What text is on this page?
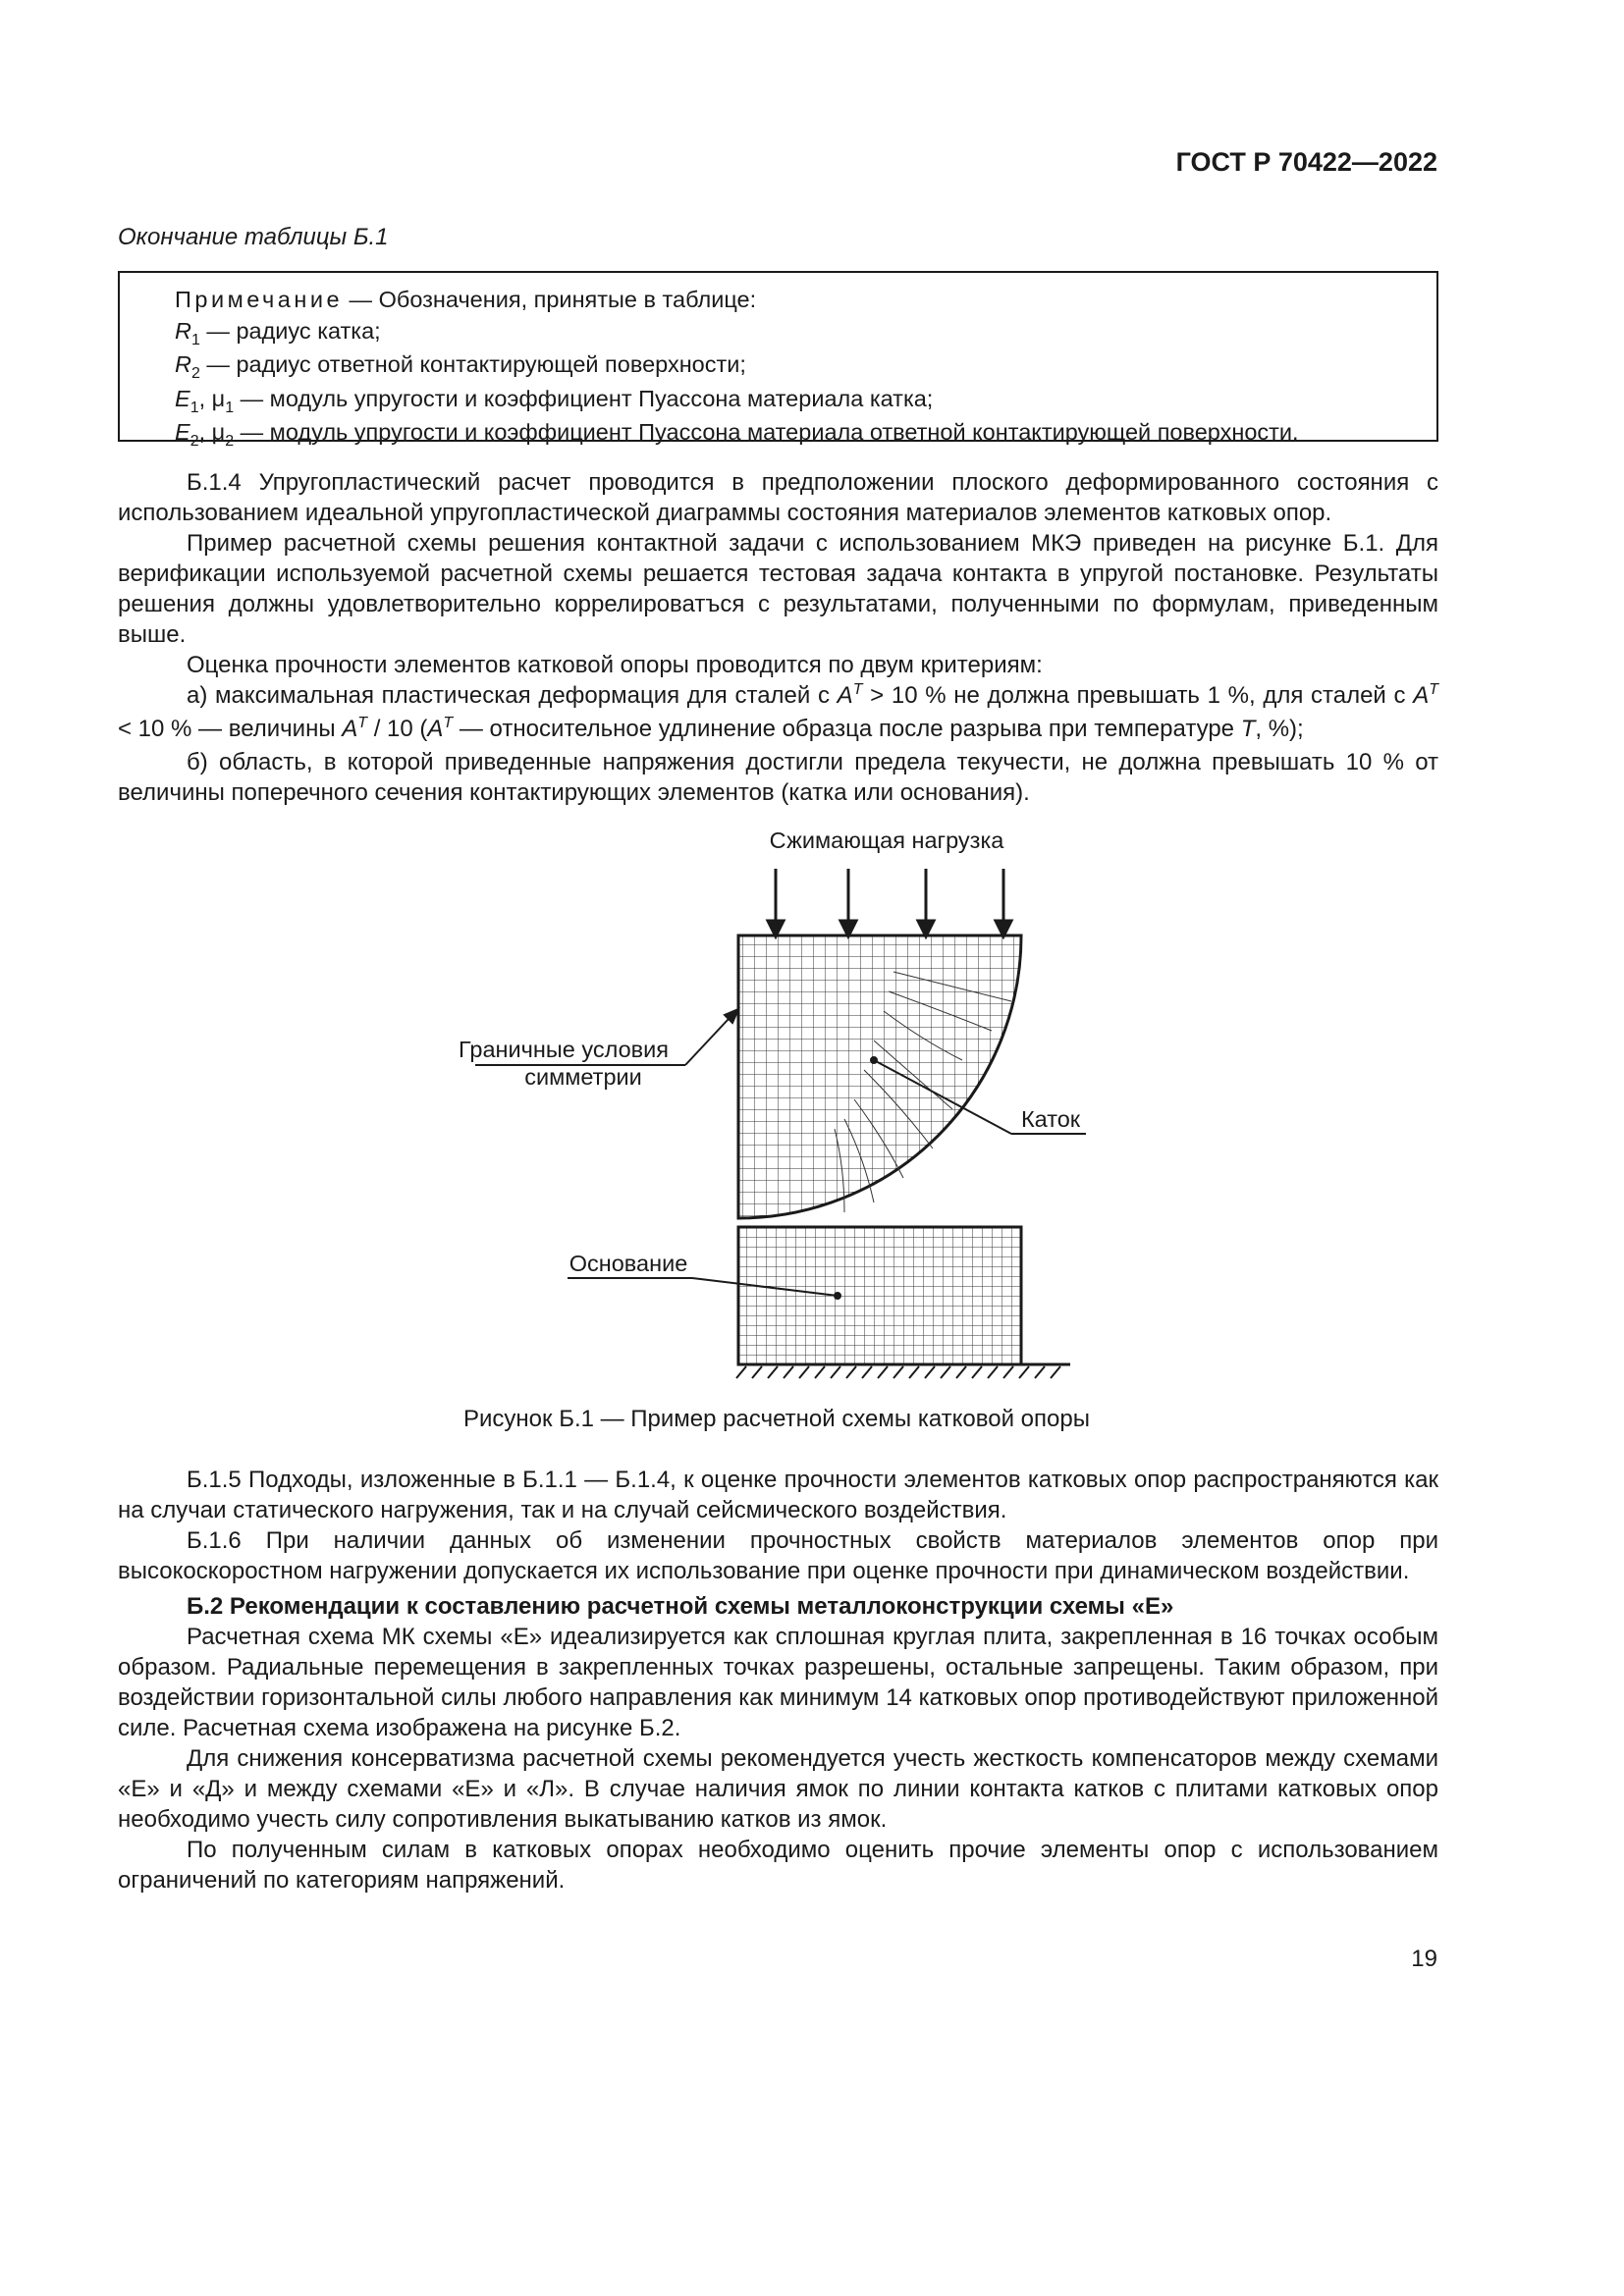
ГОСТ Р 70422—2022
Окончание таблицы Б.1
Примечание — Обозначения, принятые в таблице:
$R_1$ — радиус катка;
$R_2$ — радиус ответной контактирующей поверхности;
$E_1$, $\mu_1$ — модуль упругости и коэффициент Пуассона материала катка;
$E_2$, $\mu_2$ — модуль упругости и коэффициент Пуассона материала ответной контактирующей поверхности.

Б.1.4 Упругопластический расчет проводится в предположении плоского деформированного состояния с использованием идеальной упругопластической диаграммы состояния материалов элементов катковых опор.

Пример расчетной схемы решения контактной задачи с использованием МКЭ приведен на рисунке Б.1. Для верификации используемой расчетной схемы решается тестовая задача контакта в упругой постановке. Результаты решения должны удовлетворительно коррелироватъся с результатами, полученными по формулам, приведенным выше.

Оценка прочности элементов катковой опоры проводится по двум критериям:

а) максимальная пластическая деформация для сталей с $A^T > 10$ % не должна превышать 1 %, для сталей с $A^T < 10$ % — величины $A^T / 10$ ($A^T$ — относительное удлинение образца после разрыва при температуре T, %);

б) область, в которой приведенные напряжения достигли предела текучести, не должна превышать 10 % от величины поперечного сечения контактирующих элементов (катка или основания).

Сжимающая нагрузка
Граничные условия
симметрии
Каток
Основание
Рисунок Б.1 — Пример расчетной схемы катковой опоры

Б.1.5 Подходы, изложенные в Б.1.1 — Б.1.4, к оценке прочности элементов катковых опор распространяются как на случаи статического нагружения, так и на случай сейсмического воздействия.

Б.1.6 При наличии данных об изменении прочностных свойств материалов элементов опор при высокоскоростном нагружении допускается их использование при оценке прочности при динамическом воздействии.

Б.2 Рекомендации к составлению расчетной схемы металлоконструкции схемы «Е»

Расчетная схема МК схемы «Е» идеализируется как сплошная круглая плита, закрепленная в 16 точках особым образом. Радиальные перемещения в закрепленных точках разрешены, остальные запрещены. Таким образом, при воздействии горизонтальной силы любого направления как минимум 14 катковых опор противодействуют приложенной силе. Расчетная схема изображена на рисунке Б.2.

Для снижения консерватизма расчетной схемы рекомендуется учесть жесткость компенсаторов между схемами «Е» и «Д» и между схемами «Е» и «Л». В случае наличия ямок по линии контакта катков с плитами катковых опор необходимо учесть силу сопротивления выкатыванию катков из ямок.

По полученным силам в катковых опорах необходимо оценить прочие элементы опор с использованием ограничений по категориям напряжений.

19
